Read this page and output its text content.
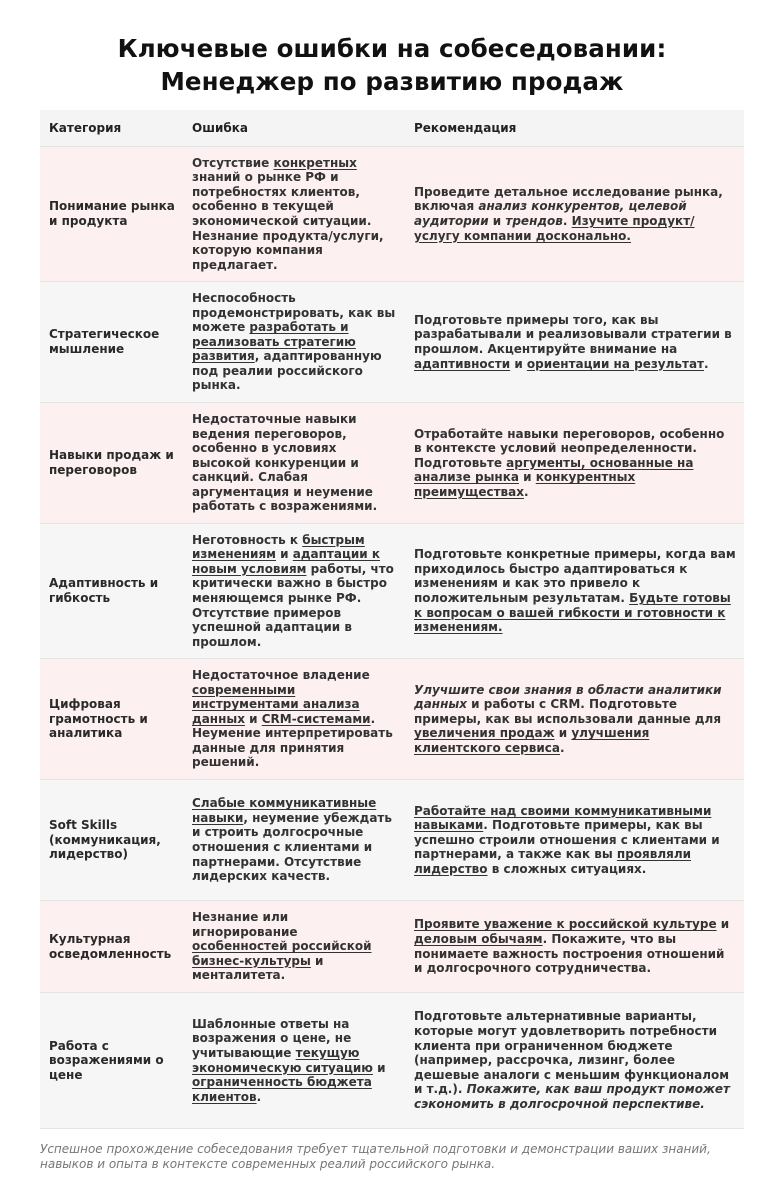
Ключевые ошибки на собеседовании:
Менеджер по развитию продаж
Категория	Ошибка	Рекомендация
Понимание рынка и продукта	Отсутствие конкретных знаний о рынке РФ и потребностях клиентов, особенно в текущей экономической ситуации. Незнание продукта/услуги, которую компания предлагает.	Проведите детальное исследование рынка, включая анализ конкурентов, целевой аудитории и трендов. Изучите продукт/услугу компании досконально.
Стратегическое мышление	Неспособность продемонстрировать, как вы можете разработать и реализовать стратегию развития, адаптированную под реалии российского рынка.	Подготовьте примеры того, как вы разрабатывали и реализовывали стратегии в прошлом. Акцентируйте внимание на адаптивности и ориентации на результат.
Навыки продаж и переговоров	Недостаточные навыки ведения переговоров, особенно в условиях высокой конкуренции и санкций. Слабая аргументация и неумение работать с возражениями.	Отработайте навыки переговоров, особенно в контексте условий неопределенности. Подготовьте аргументы, основанные на анализе рынка и конкурентных преимуществах.
Адаптивность и гибкость	Неготовность к быстрым изменениям и адаптации к новым условиям работы, что критически важно в быстро меняющемся рынке РФ. Отсутствие примеров успешной адаптации в прошлом.	Подготовьте конкретные примеры, когда вам приходилось быстро адаптироваться к изменениям и как это привело к положительным результатам. Будьте готовы к вопросам о вашей гибкости и готовности к изменениям.
Цифровая грамотность и аналитика	Недостаточное владение современными инструментами анализа данных и CRM-системами. Неумение интерпретировать данные для принятия решений.	Улучшите свои знания в области аналитики данных и работы с CRM. Подготовьте примеры, как вы использовали данные для увеличения продаж и улучшения клиентского сервиса.
Soft Skills (коммуникация, лидерство)	Слабые коммуникативные навыки, неумение убеждать и строить долгосрочные отношения с клиентами и партнерами. Отсутствие лидерских качеств.	Работайте над своими коммуникативными навыками. Подготовьте примеры, как вы успешно строили отношения с клиентами и партнерами, а также как вы проявляли лидерство в сложных ситуациях.
Культурная осведомленность	Незнание или игнорирование особенностей российской бизнес-культуры и менталитета.	Проявите уважение к российской культуре и деловым обычаям. Покажите, что вы понимаете важность построения отношений и долгосрочного сотрудничества.
Работа с возражениями о цене	Шаблонные ответы на возражения о цене, не учитывающие текущую экономическую ситуацию и ограниченность бюджета клиентов.	Подготовьте альтернативные варианты, которые могут удовлетворить потребности клиента при ограниченном бюджете (например, рассрочка, лизинг, более дешевые аналоги с меньшим функционалом и т.д.). Покажите, как ваш продукт поможет сэкономить в долгосрочной перспективе.
Успешное прохождение собеседования требует тщательной подготовки и демонстрации ваших знаний, навыков и опыта в контексте современных реалий российского рынка.
